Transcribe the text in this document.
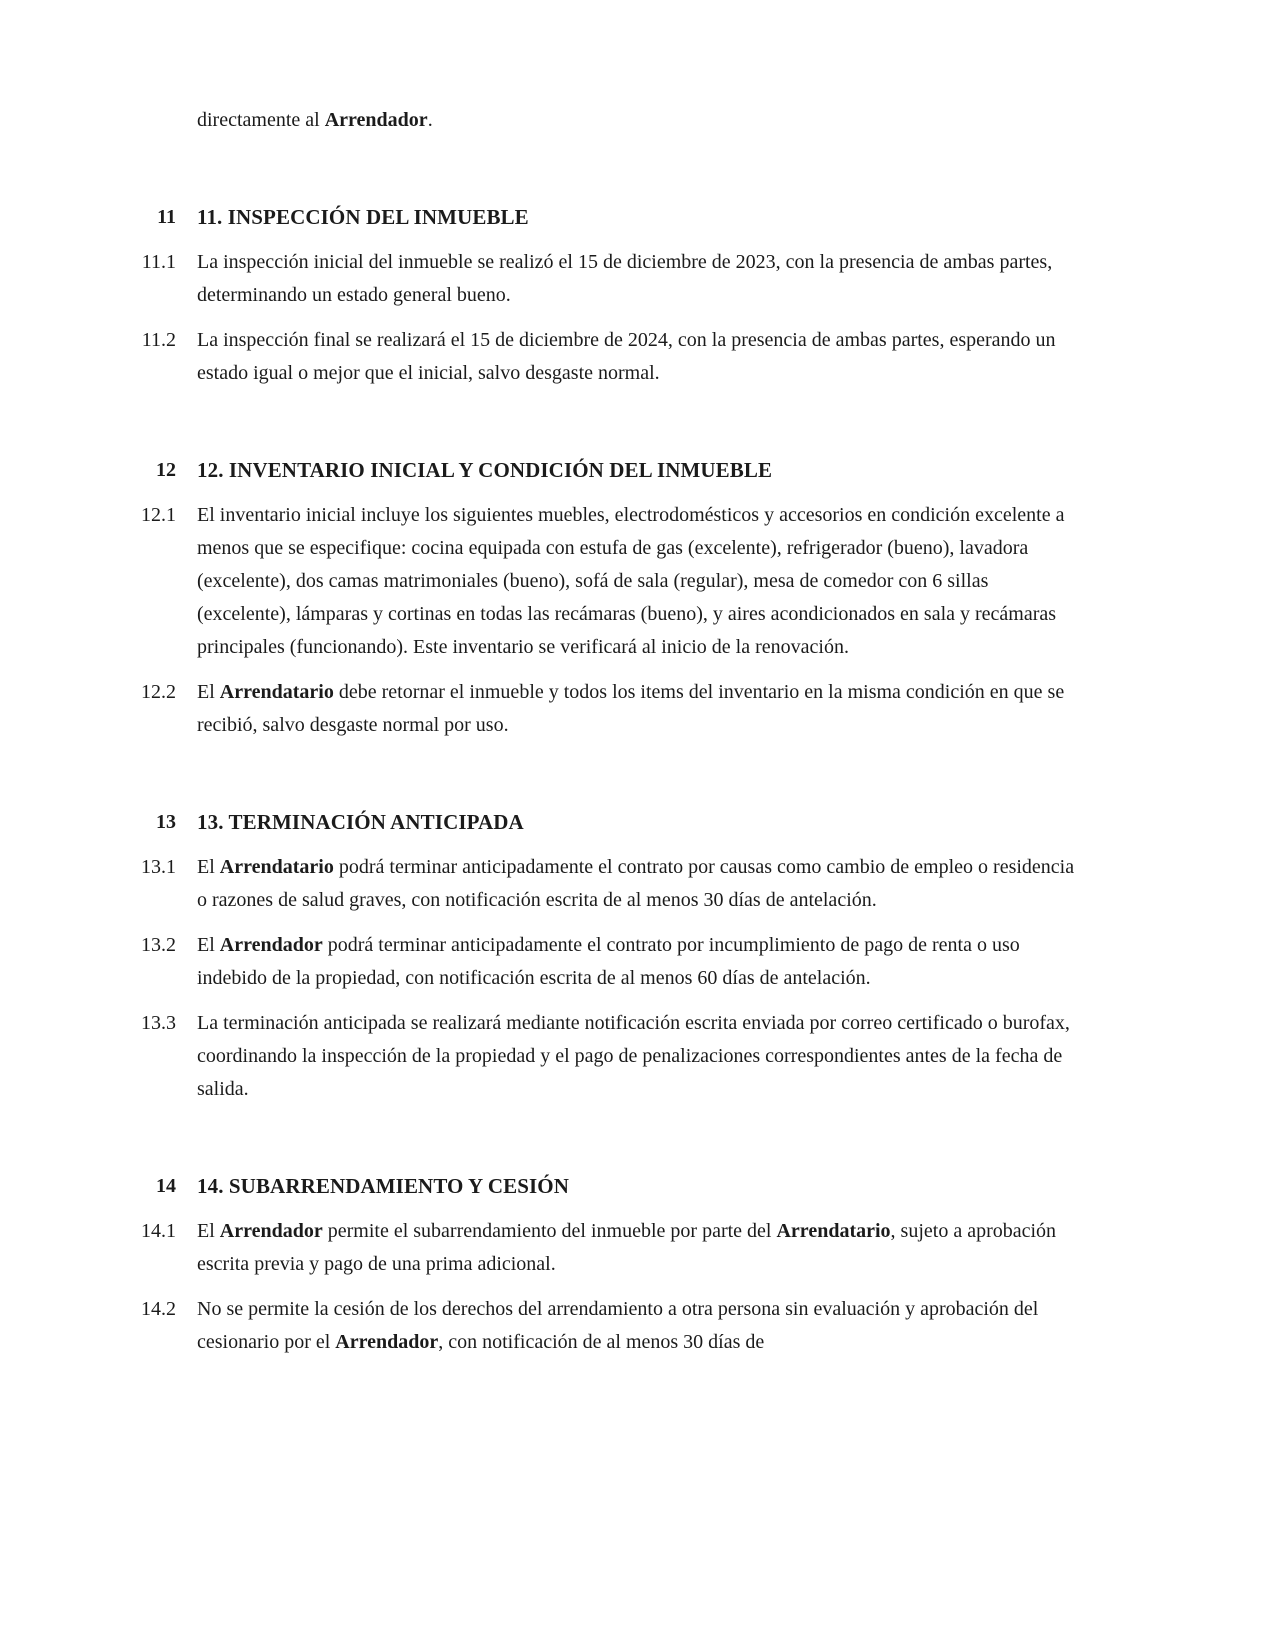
directamente al Arrendador.

11 11. INSPECCIÓN DEL INMUEBLE
11.1 La inspección inicial del inmueble se realizó el 15 de diciembre de 2023, con la presencia de ambas partes, determinando un estado general bueno.

11.2 La inspección final se realizará el 15 de diciembre de 2024, con la presencia de ambas partes, esperando un estado igual o mejor que el inicial, salvo desgaste normal.

12 12. INVENTARIO INICIAL Y CONDICIÓN DEL INMUEBLE
12.1 El inventario inicial incluye los siguientes muebles, electrodomésticos y accesorios en condición excelente a menos que se especifique: cocina equipada con estufa de gas (excelente), refrigerador (bueno), lavadora (excelente), dos camas matrimoniales (bueno), sofá de sala (regular), mesa de comedor con 6 sillas (excelente), lámparas y cortinas en todas las recámaras (bueno), y aires acondicionados en sala y recámaras principales (funcionando). Este inventario se verificará al inicio de la renovación.

12.2 El Arrendatario debe retornar el inmueble y todos los items del inventario en la misma condición en que se recibió, salvo desgaste normal por uso.

13 13. TERMINACIÓN ANTICIPADA
13.1 El Arrendatario podrá terminar anticipadamente el contrato por causas como cambio de empleo o residencia o razones de salud graves, con notificación escrita de al menos 30 días de antelación.

13.2 El Arrendador podrá terminar anticipadamente el contrato por incumplimiento de pago de renta o uso indebido de la propiedad, con notificación escrita de al menos 60 días de antelación.

13.3 La terminación anticipada se realizará mediante notificación escrita enviada por correo certificado o burofax, coordinando la inspección de la propiedad y el pago de penalizaciones correspondientes antes de la fecha de salida.

14 14. SUBARRENDAMIENTO Y CESIÓN
14.1 El Arrendador permite el subarrendamiento del inmueble por parte del Arrendatario, sujeto a aprobación escrita previa y pago de una prima adicional.

14.2 No se permite la cesión de los derechos del arrendamiento a otra persona sin evaluación y aprobación del cesionario por el Arrendador, con notificación de al menos 30 días de
